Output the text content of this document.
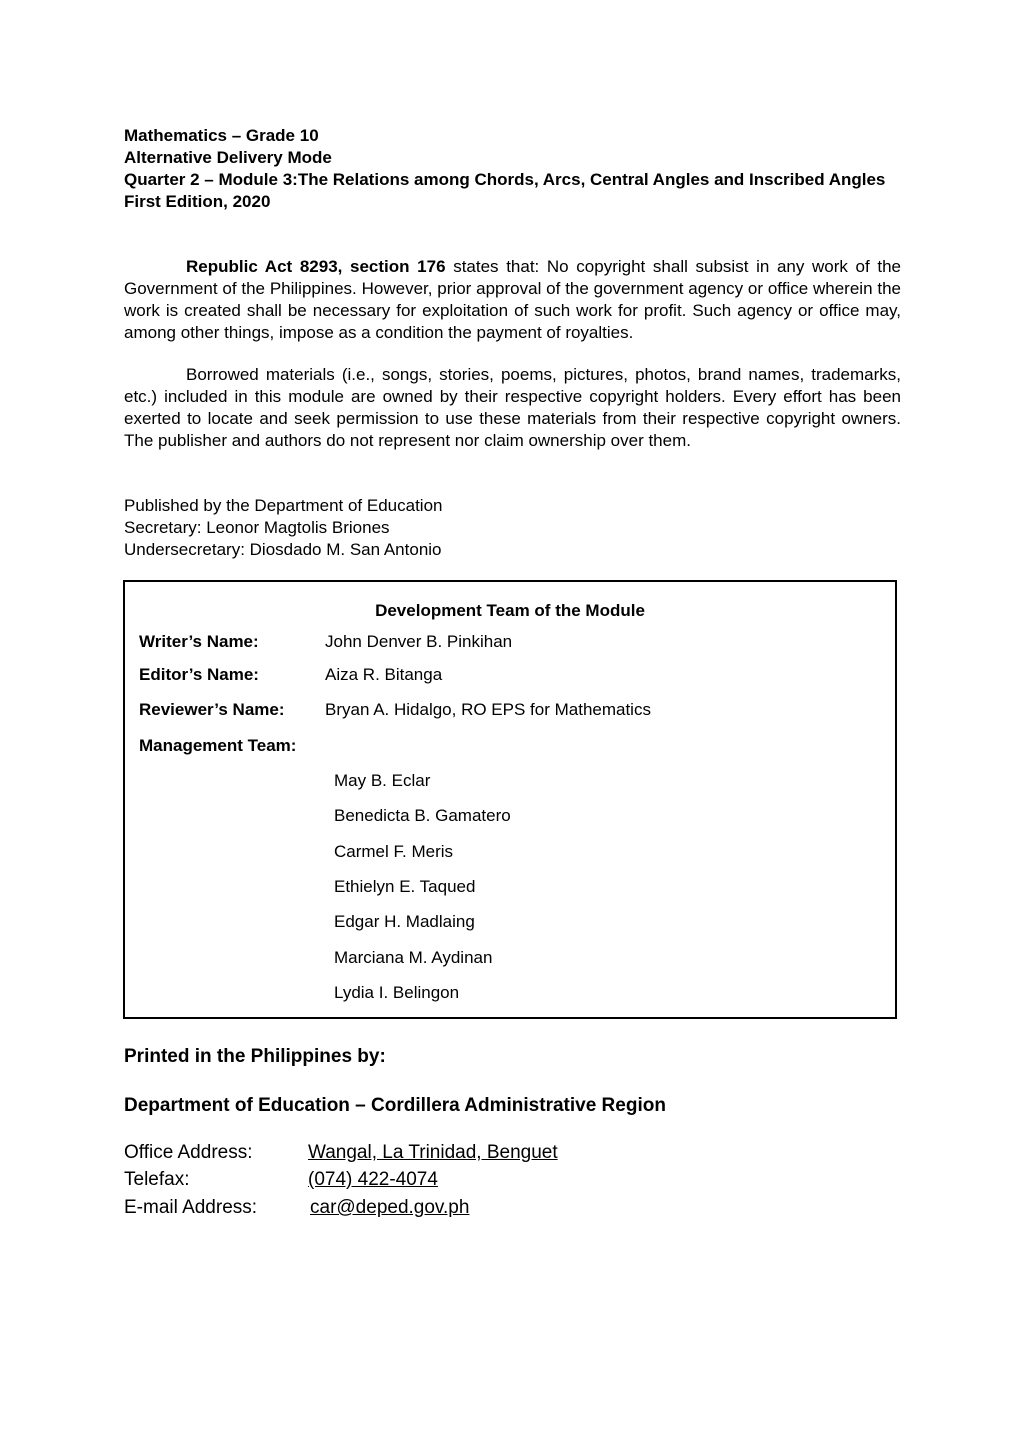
Mathematics – Grade 10
Alternative Delivery Mode
Quarter 2 – Module 3: The Relations among Chords, Arcs, Central Angles and Inscribed Angles
First Edition, 2020
Republic Act 8293, section 176 states that: No copyright shall subsist in any work of the Government of the Philippines. However, prior approval of the government agency or office wherein the work is created shall be necessary for exploitation of such work for profit. Such agency or office may, among other things, impose as a condition the payment of royalties.
Borrowed materials (i.e., songs, stories, poems, pictures, photos, brand names, trademarks, etc.) included in this module are owned by their respective copyright holders. Every effort has been exerted to locate and seek permission to use these materials from their respective copyright owners. The publisher and authors do not represent nor claim ownership over them.
Published by the Department of Education
Secretary: Leonor Magtolis Briones
Undersecretary: Diosdado M. San Antonio
Development Team of the Module
Writer’s Name:	John Denver B. Pinkihan
Editor’s Name:	Aiza R. Bitanga
Reviewer’s Name: Bryan A. Hidalgo, RO EPS for Mathematics
Management Team:
May B. Eclar
Benedicta B. Gamatero
Carmel F. Meris
Ethielyn E. Taqued
Edgar H. Madlaing
Marciana M. Aydinan
Lydia I. Belingon
Printed in the Philippines by:
Department of Education – Cordillera Administrative Region
Office Address:	Wangal, La Trinidad, Benguet
Telefax:	(074) 422-4074
E-mail Address:	car@deped.gov.ph
